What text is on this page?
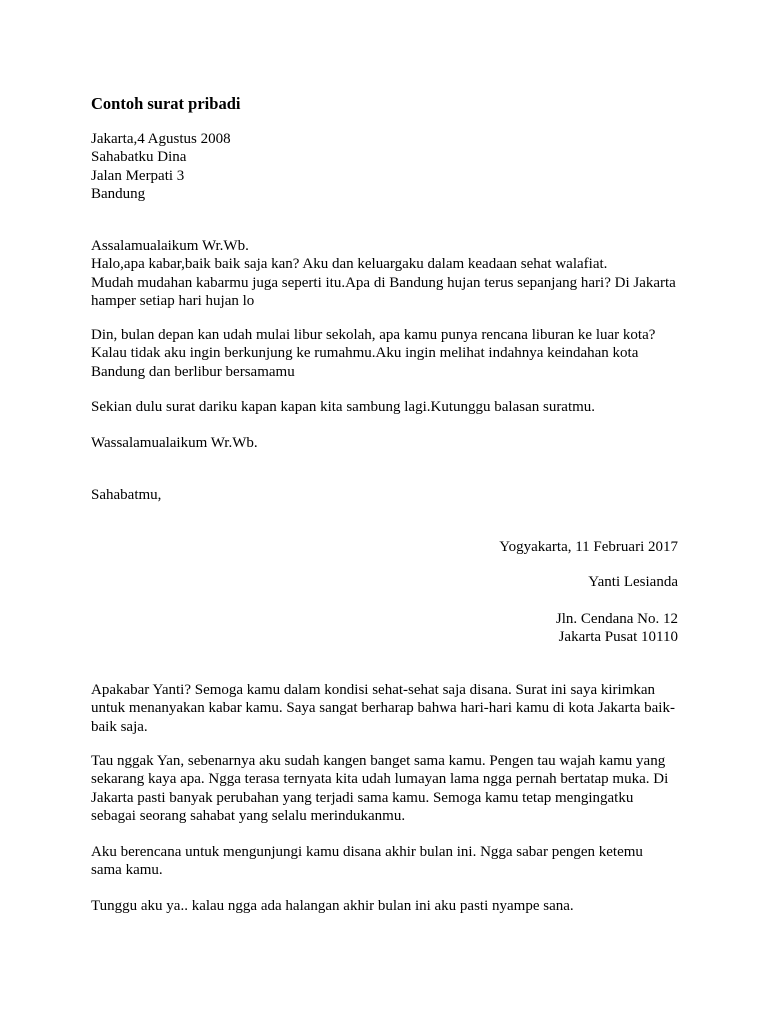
Contoh surat pribadi
Jakarta,4 Agustus 2008
Sahabatku Dina
Jalan Merpati 3
Bandung
Assalamualaikum Wr.Wb.
Halo,apa kabar,baik baik saja kan? Aku dan keluargaku dalam keadaan sehat walafiat.
Mudah mudahan kabarmu juga seperti itu.Apa di Bandung hujan terus sepanjang hari? Di Jakarta
hamper setiap hari hujan lo
Din, bulan depan kan udah mulai libur sekolah, apa kamu punya rencana liburan ke luar kota?
Kalau tidak aku ingin berkunjung ke rumahmu.Aku ingin melihat indahnya keindahan kota
Bandung dan berlibur bersamamu
Sekian dulu surat dariku kapan kapan kita sambung lagi.Kutunggu balasan suratmu.
Wassalamualaikum Wr.Wb.
Sahabatmu,
Yogyakarta, 11 Februari 2017
Yanti Lesianda
Jln. Cendana No. 12
Jakarta Pusat 10110
Apakabar Yanti? Semoga kamu dalam kondisi sehat-sehat saja disana. Surat ini saya kirimkan
untuk menanyakan kabar kamu. Saya sangat berharap bahwa hari-hari kamu di kota Jakarta baik-
baik saja.
Tau nggak Yan, sebenarnya aku sudah kangen banget sama kamu. Pengen tau wajah kamu yang
sekarang kaya apa. Ngga terasa ternyata kita udah lumayan lama ngga pernah bertatap muka. Di
Jakarta pasti banyak perubahan yang terjadi sama kamu. Semoga kamu tetap mengingatku
sebagai seorang sahabat yang selalu merindukanmu.
Aku berencana untuk mengunjungi kamu disana akhir bulan ini. Ngga sabar pengen ketemu
sama kamu.
Tunggu aku ya.. kalau ngga ada halangan akhir bulan ini aku pasti nyampe sana.
